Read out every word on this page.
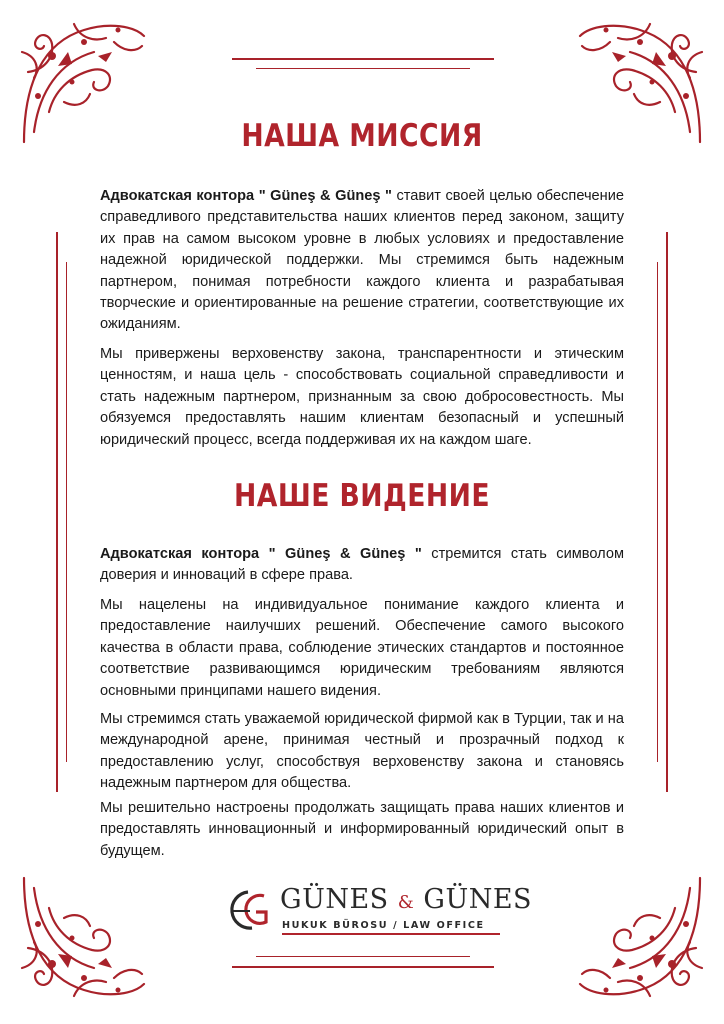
НАША МИССИЯ
Адвокатская контора " Güneş & Güneş " ставит своей целью обеспечение справедливого представительства наших клиентов перед законом, защиту их прав на самом высоком уровне в любых условиях и предоставление надежной юридической поддержки. Мы стремимся быть надежным партнером, понимая потребности каждого клиента и разрабатывая творческие и ориентированные на решение стратегии, соответствующие их ожиданиям.
Мы привержены верховенству закона, транспарентности и этическим ценностям, и наша цель - способствовать социальной справедливости и стать надежным партнером, признанным за свою добросовестность. Мы обязуемся предоставлять нашим клиентам безопасный и успешный юридический процесс, всегда поддерживая их на каждом шаге.
НАШЕ ВИДЕНИЕ
Адвокатская контора " Güneş & Güneş " стремится стать символом доверия и инноваций в сфере права.
Мы нацелены на индивидуальное понимание каждого клиента и предоставление наилучших решений. Обеспечение самого высокого качества в области права, соблюдение этических стандартов и постоянное соответствие развивающимся юридическим требованиям являются основными принципами нашего видения.
Мы стремимся стать уважаемой юридической фирмой как в Турции, так и на международной арене, принимая честный и прозрачный подход к предоставлению услуг, способствуя верховенству закона и становясь надежным партнером для общества.
Мы решительно настроены продолжать защищать права наших клиентов и предоставлять инновационный и информированный юридический опыт в будущем.
GÜNES & GÜNES
HUKUK BÜROSU / LAW OFFICE
